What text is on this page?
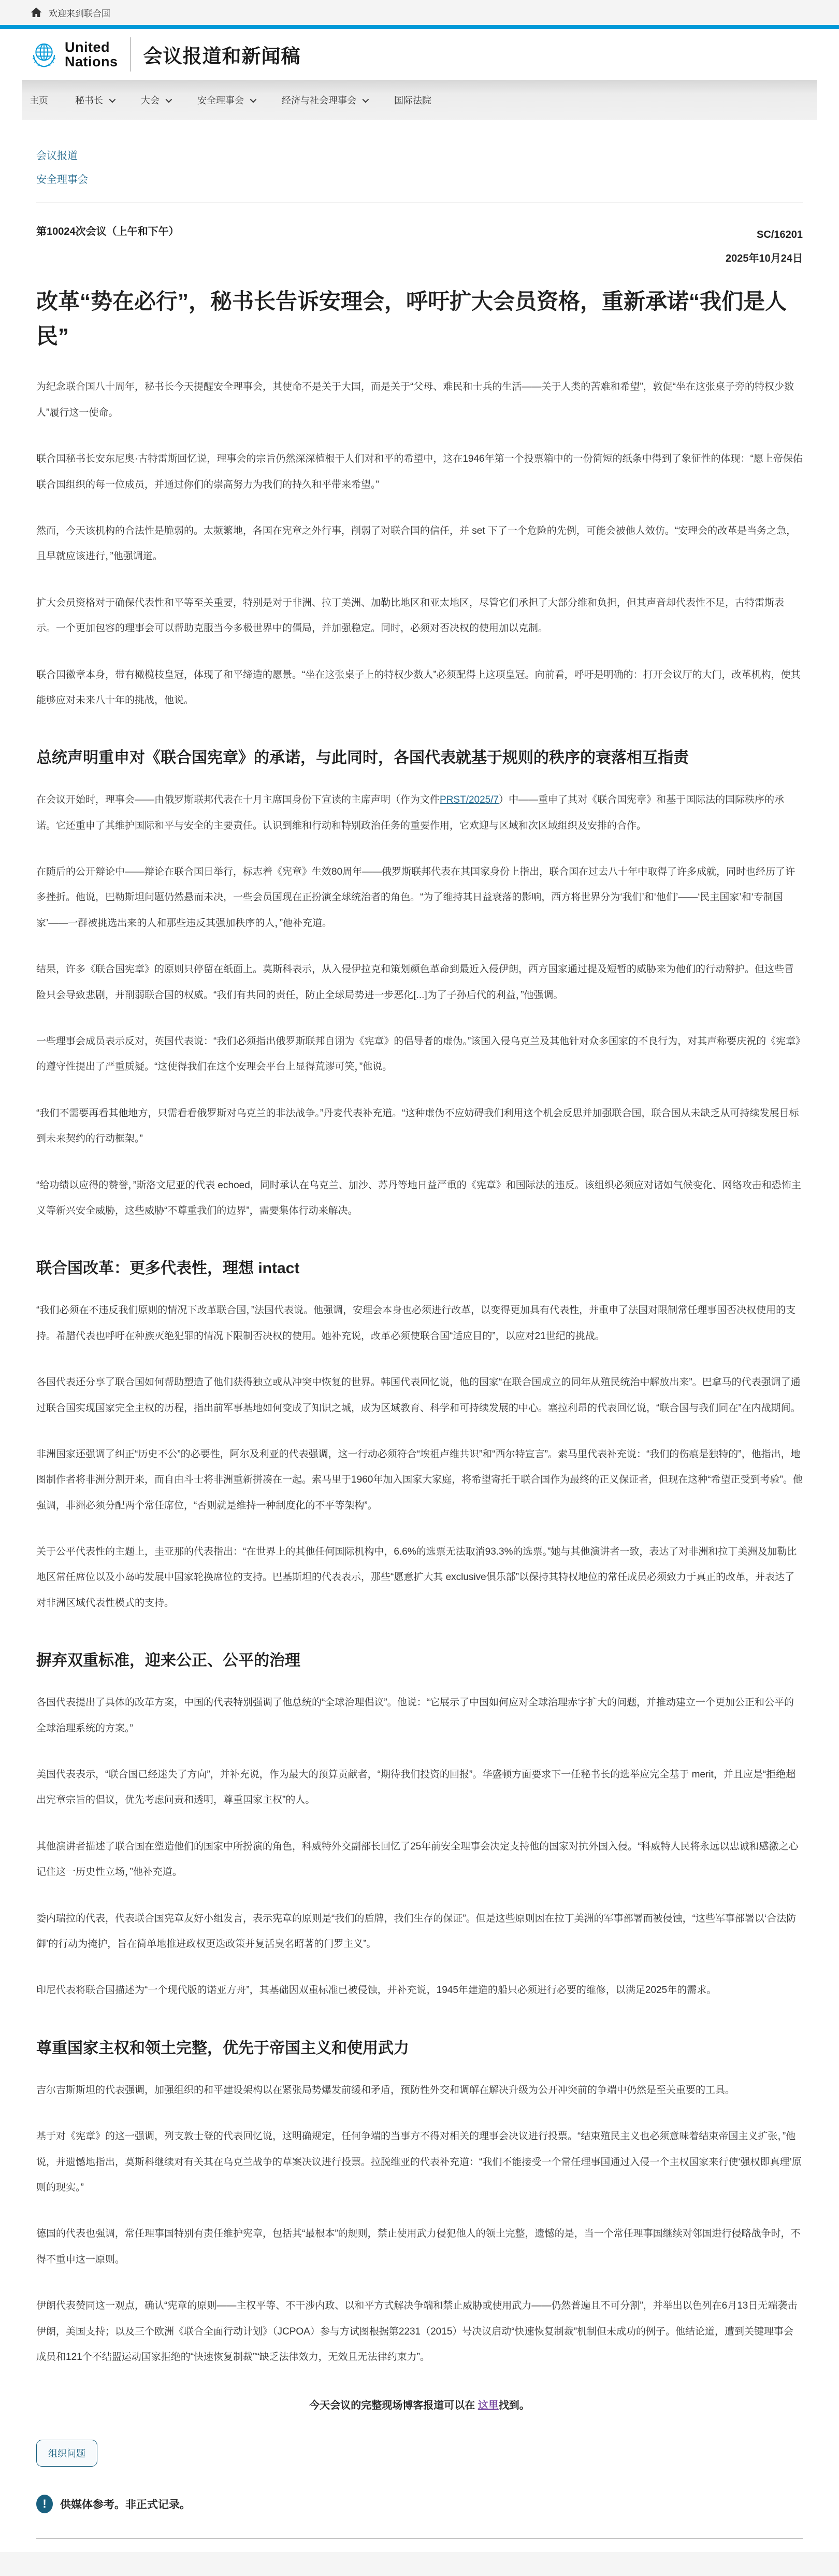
欢迎来到联合国
United
Nations 会议报道和新闻稿
主页	秘书长	大会	安全理事会	经济与社会理事会	国际法院
会议报道
安全理事会
第10024次会议（上午和下午）	SC/16201
2025年10月24日
改革“势在必行”，秘书长告诉安理会，呼吁扩大会员资格，重新承诺“我们是人民”

为纪念联合国八十周年，秘书长今天提醒安全理事会，其使命不是关于大国，而是关于“父母、难民和士兵的生活——关于人类的苦难和希望”，敦促“坐在这张桌子旁的特权少数人”履行这一使命。

联合国秘书长安东尼奥·古特雷斯回忆说，理事会的宗旨仍然深深植根于人们对和平的希望中，这在1946年第一个投票箱中的一份简短的纸条中得到了象征性的体现：“愿上帝保佑联合国组织的每一位成员，并通过你们的崇高努力为我们的持久和平带来希望。”

然而，今天该机构的合法性是脆弱的。太频繁地，各国在宪章之外行事，削弱了对联合国的信任，并 set 下了一个危险的先例，可能会被他人效仿。“安理会的改革是当务之急，且早就应该进行，”他强调道。

扩大会员资格对于确保代表性和平等至关重要，特别是对于非洲、拉丁美洲、加勒比地区和亚太地区，尽管它们承担了大部分维和负担，但其声音却代表性不足，古特雷斯表示。一个更加包容的理事会可以帮助克服当今多极世界中的僵局，并加强稳定。同时，必须对否决权的使用加以克制。

联合国徽章本身，带有橄榄枝皇冠，体现了和平缔造的愿景。“坐在这张桌子上的特权少数人”必须配得上这项皇冠。向前看，呼吁是明确的：打开会议厅的大门，改革机构，使其能够应对未来八十年的挑战，他说。

总统声明重申对《联合国宪章》的承诺，与此同时，各国代表就基于规则的秩序的衰落相互指责

在会议开始时，理事会——由俄罗斯联邦代表在十月主席国身份下宣读的主席声明（作为文件PRST/2025/7）中——重申了其对《联合国宪章》和基于国际法的国际秩序的承诺。它还重申了其维护国际和平与安全的主要责任。认识到维和行动和特别政治任务的重要作用，它欢迎与区域和次区域组织及安排的合作。

在随后的公开辩论中——辩论在联合国日举行，标志着《宪章》生效80周年——俄罗斯联邦代表在其国家身份上指出，联合国在过去八十年中取得了许多成就，同时也经历了许多挫折。他说，巴勒斯坦问题仍然悬而未决，一些会员国现在正扮演全球统治者的角色。“为了维持其日益衰落的影响，西方将世界分为‘我们’和‘他们’——‘民主国家’和‘专制国家’——一群被挑选出来的人和那些违反其强加秩序的人，”他补充道。

结果，许多《联合国宪章》的原则只停留在纸面上。莫斯科表示，从入侵伊拉克和策划颜色革命到最近入侵伊朗，西方国家通过提及短暂的威胁来为他们的行动辩护。但这些冒险只会导致悲剧，并削弱联合国的权威。“我们有共同的责任，防止全球局势进一步恶化[...]为了子孙后代的利益，”他强调。

一些理事会成员表示反对，英国代表说：“我们必须指出俄罗斯联邦自诩为《宪章》的倡导者的虚伪。”该国入侵乌克兰及其他针对众多国家的不良行为，对其声称要庆祝的《宪章》的遵守性提出了严重质疑。“这使得我们在这个安理会平台上显得荒谬可笑，”他说。

“我们不需要再看其他地方，只需看看俄罗斯对乌克兰的非法战争。”丹麦代表补充道。“这种虚伪不应妨碍我们利用这个机会反思并加强联合国，联合国从未缺乏从可持续发展目标到未来契约的行动框架。”

“给功绩以应得的赞誉，”斯洛文尼亚的代表 echoed，同时承认在乌克兰、加沙、苏丹等地日益严重的《宪章》和国际法的违反。该组织必须应对诸如气候变化、网络攻击和恐怖主义等新兴安全威胁，这些威胁“不尊重我们的边界”，需要集体行动来解决。

联合国改革：更多代表性，理想 intact

“我们必须在不违反我们原则的情况下改革联合国，”法国代表说。他强调，安理会本身也必须进行改革，以变得更加具有代表性，并重申了法国对限制常任理事国否决权使用的支持。希腊代表也呼吁在种族灭绝犯罪的情况下限制否决权的使用。她补充说，改革必须使联合国“适应目的”，以应对21世纪的挑战。

各国代表还分享了联合国如何帮助塑造了他们获得独立或从冲突中恢复的世界。韩国代表回忆说，他的国家“在联合国成立的同年从殖民统治中解放出来”。巴拿马的代表强调了通过联合国实现国家完全主权的历程，指出前军事基地如何变成了知识之城，成为区域教育、科学和可持续发展的中心。塞拉利昂的代表回忆说，“联合国与我们同在”在内战期间。

非洲国家还强调了纠正“历史不公”的必要性，阿尔及利亚的代表强调，这一行动必须符合“埃祖卢维共识”和“西尔特宣言”。索马里代表补充说：“我们的伤痕是独特的”，他指出，地图制作者将非洲分割开来，而自由斗士将非洲重新拼凑在一起。索马里于1960年加入国家大家庭，将希望寄托于联合国作为最终的正义保证者，但现在这种“希望正受到考验”。他强调，非洲必须分配两个常任席位，“否则就是维持一种制度化的不平等架构”。

关于公平代表性的主题上，圭亚那的代表指出：“在世界上的其他任何国际机构中，6.6%的选票无法取消93.3%的选票。”她与其他演讲者一致，表达了对非洲和拉丁美洲及加勒比地区常任席位以及小岛屿发展中国家轮换席位的支持。巴基斯坦的代表表示，那些“愿意扩大其 exclusive俱乐部”以保持其特权地位的常任成员必须致力于真正的改革，并表达了对非洲区域代表性模式的支持。

摒弃双重标准，迎来公正、公平的治理

各国代表提出了具体的改革方案，中国的代表特别强调了他总统的“全球治理倡议”。他说：“它展示了中国如何应对全球治理赤字扩大的问题，并推动建立一个更加公正和公平的全球治理系统的方案。”

美国代表表示，“联合国已经迷失了方向”，并补充说，作为最大的预算贡献者，“期待我们投资的回报”。华盛顿方面要求下一任秘书长的选举应完全基于 merit，并且应是“拒绝超出宪章宗旨的倡议，优先考虑问责和透明，尊重国家主权”的人。

其他演讲者描述了联合国在塑造他们的国家中所扮演的角色，科威特外交副部长回忆了25年前安全理事会决定支持他的国家对抗外国入侵。“科威特人民将永远以忠诚和感激之心记住这一历史性立场，”他补充道。

委内瑞拉的代表，代表联合国宪章友好小组发言，表示宪章的原则是“我们的盾牌，我们生存的保证”。但是这些原则因在拉丁美洲的军事部署而被侵蚀，“这些军事部署以‘合法防御’的行动为掩护，旨在简单地推进政权更迭政策并复活臭名昭著的门罗主义”。

印尼代表将联合国描述为“一个现代版的诺亚方舟”，其基础因双重标准已被侵蚀，并补充说，1945年建造的船只必须进行必要的维修，以满足2025年的需求。

尊重国家主权和领土完整，优先于帝国主义和使用武力

吉尔吉斯斯坦的代表强调，加强组织的和平建设架构以在紧张局势爆发前缓和矛盾，预防性外交和调解在解决升级为公开冲突前的争端中仍然是至关重要的工具。

基于对《宪章》的这一强调，列支敦士登的代表回忆说，这明确规定，任何争端的当事方不得对相关的理事会决议进行投票。“结束殖民主义也必须意味着结束帝国主义扩张，”他说，并遗憾地指出，莫斯科继续对有关其在乌克兰战争的草案决议进行投票。拉脱维亚的代表补充道：“我们不能接受一个常任理事国通过入侵一个主权国家来行使‘强权即真理’原则的现实。”

德国的代表也强调，常任理事国特别有责任维护宪章，包括其“最根本”的规则，禁止使用武力侵犯他人的领土完整，遗憾的是，当一个常任理事国继续对邻国进行侵略战争时，不得不重申这一原则。

伊朗代表赞同这一观点，确认“宪章的原则——主权平等、不干涉内政、以和平方式解决争端和禁止威胁或使用武力——仍然普遍且不可分割”，并举出以色列在6月13日无端袭击伊朗，美国支持；以及三个欧洲《联合全面行动计划》（JCPOA）参与方试图根据第2231（2015）号决议启动“快速恢复制裁”机制但未成功的例子。他结论道，遭到关键理事会成员和121个不结盟运动国家拒绝的“快速恢复制裁”“缺乏法律效力，无效且无法律约束力”。

今天会议的完整现场博客报道可以在 这里找到。
组织问题
!	供媒体参考。非正式记录。
